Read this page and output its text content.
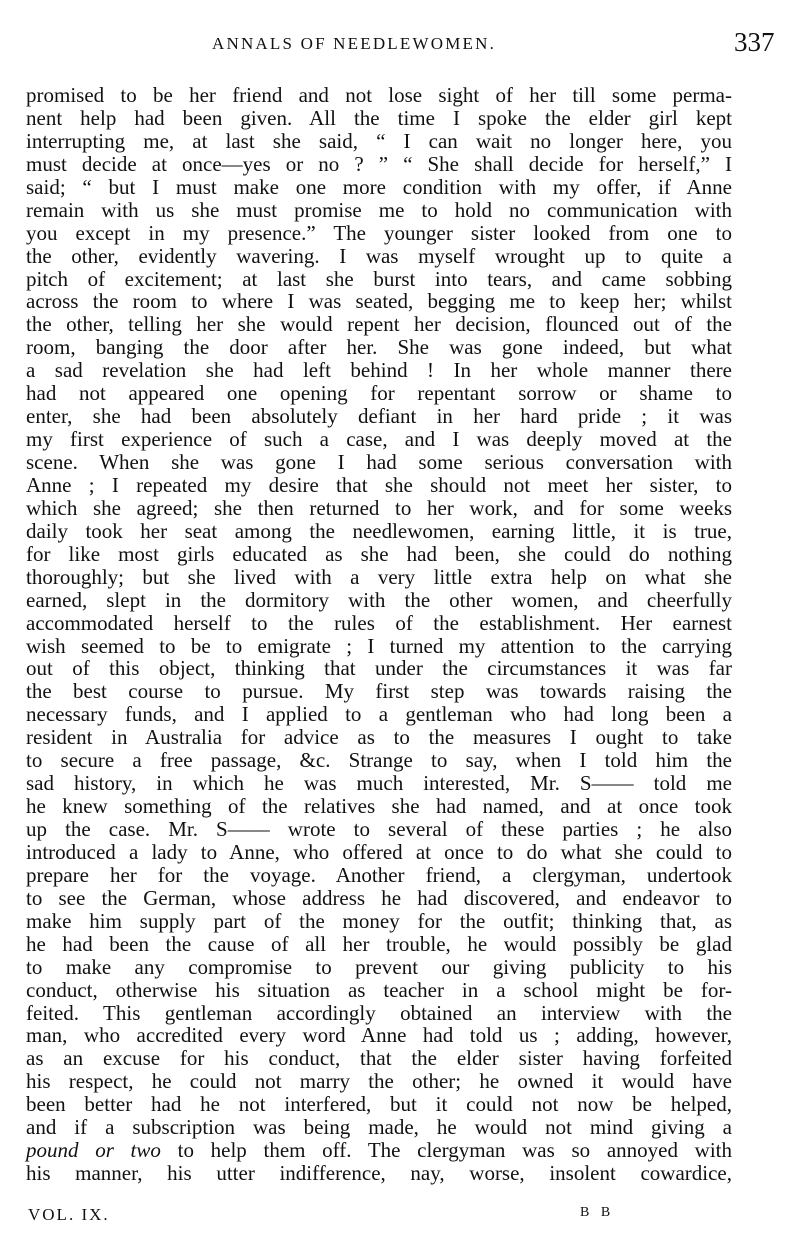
ANNALS OF NEEDLEWOMEN.	337
promised to be her friend and not lose sight of her till some perma-
nent help had been given. All the time I spoke the elder girl kept
interrupting me, at last she said, “ I can wait no longer here, you
must decide at once—yes or no ? ” “ She shall decide for herself,” I
said; “ but I must make one more condition with my offer, if Anne
remain with us she must promise me to hold no communication with
you except in my presence.” The younger sister looked from one to
the other, evidently wavering. I was myself wrought up to quite a
pitch of excitement; at last she burst into tears, and came sobbing
across the room to where I was seated, begging me to keep her; whilst
the other, telling her she would repent her decision, flounced out of the
room, banging the door after her. She was gone indeed, but what
a sad revelation she had left behind ! In her whole manner there
had not appeared one opening for repentant sorrow or shame to
enter, she had been absolutely defiant in her hard pride ; it was
my first experience of such a case, and I was deeply moved at the
scene. When she was gone I had some serious conversation with
Anne ; I repeated my desire that she should not meet her sister, to
which she agreed; she then returned to her work, and for some weeks
daily took her seat among the needlewomen, earning little, it is true,
for like most girls educated as she had been, she could do nothing
thoroughly; but she lived with a very little extra help on what she
earned, slept in the dormitory with the other women, and cheerfully
accommodated herself to the rules of the establishment. Her earnest
wish seemed to be to emigrate ; I turned my attention to the carrying
out of this object, thinking that under the circumstances it was far
the best course to pursue. My first step was towards raising the
necessary funds, and I applied to a gentleman who had long been a
resident in Australia for advice as to the measures I ought to take
to secure a free passage, &c. Strange to say, when I told him the
sad history, in which he was much interested, Mr. S—— told me
he knew something of the relatives she had named, and at once took
up the case. Mr. S—— wrote to several of these parties ; he also
introduced a lady to Anne, who offered at once to do what she could to
prepare her for the voyage. Another friend, a clergyman, undertook
to see the German, whose address he had discovered, and endeavor to
make him supply part of the money for the outfit; thinking that, as
he had been the cause of all her trouble, he would possibly be glad
to make any compromise to prevent our giving publicity to his
conduct, otherwise his situation as teacher in a school might be for-
feited. This gentleman accordingly obtained an interview with the
man, who accredited every word Anne had told us ; adding, however,
as an excuse for his conduct, that the elder sister having forfeited
his respect, he could not marry the other; he owned it would have
been better had he not interfered, but it could not now be helped,
and if a subscription was being made, he would not mind giving a
pound or two to help them off. The clergyman was so annoyed with
his manner, his utter indifference, nay, worse, insolent cowardice,
VOL. IX.	B B
